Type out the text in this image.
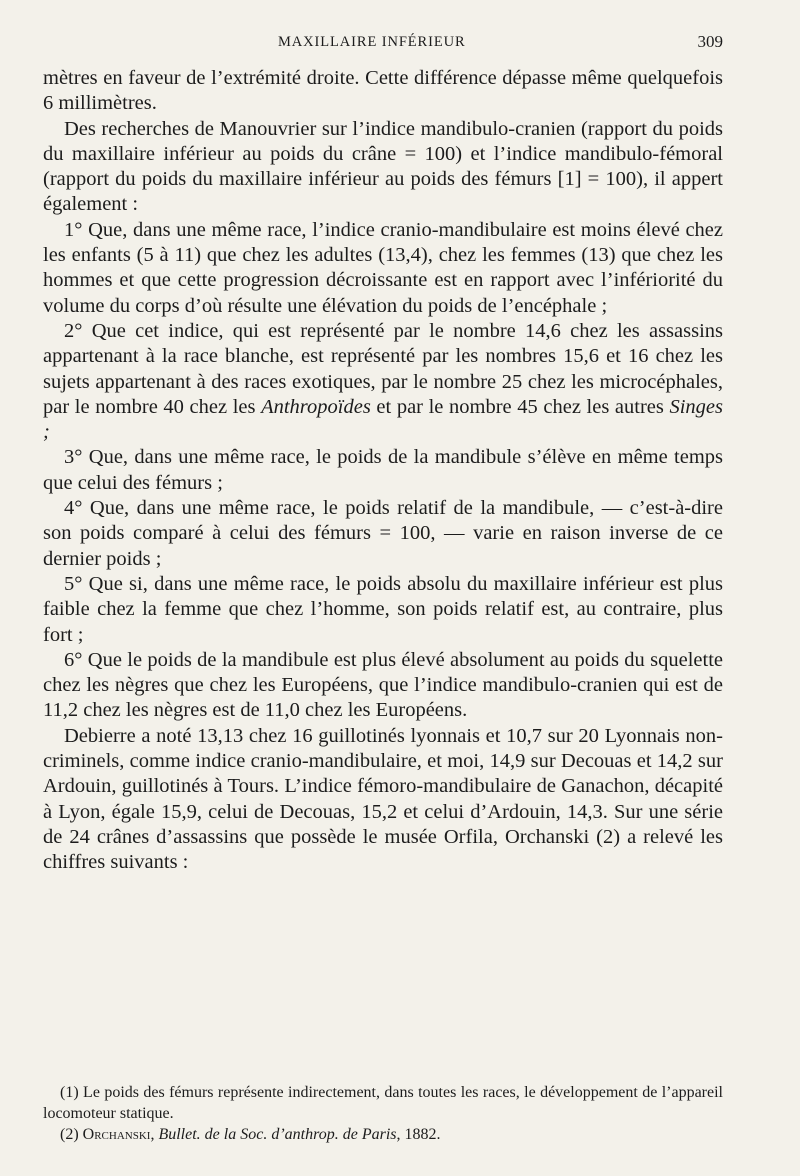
MAXILLAIRE INFÉRIEUR	309

mètres en faveur de l’extrémité droite. Cette différence dépasse même quelquefois 6 millimètres.

Des recherches de Manouvrier sur l’indice mandibulo-cranien (rapport du poids du maxillaire inférieur au poids du crâne = 100) et l’indice mandibulo-fémoral (rapport du poids du maxillaire inférieur au poids des fémurs [1] = 100), il appert également :

1° Que, dans une même race, l’indice cranio-mandibulaire est moins élevé chez les enfants (5 à 11) que chez les adultes (13,4), chez les femmes (13) que chez les hommes et que cette progression décroissante est en rapport avec l’infériorité du volume du corps d’où résulte une élévation du poids de l’encéphale ;

2° Que cet indice, qui est représenté par le nombre 14,6 chez les assassins appartenant à la race blanche, est représenté par les nombres 15,6 et 16 chez les sujets appartenant à des races exotiques, par le nombre 25 chez les microcéphales, par le nombre 40 chez les Anthropoïdes et par le nombre 45 chez les autres Singes ;

3° Que, dans une même race, le poids de la mandibule s’élève en même temps que celui des fémurs ;

4° Que, dans une même race, le poids relatif de la mandibule, — c’est-à-dire son poids comparé à celui des fémurs = 100, — varie en raison inverse de ce dernier poids ;

5° Que si, dans une même race, le poids absolu du maxillaire inférieur est plus faible chez la femme que chez l’homme, son poids relatif est, au contraire, plus fort ;

6° Que le poids de la mandibule est plus élevé absolument au poids du squelette chez les nègres que chez les Européens, que l’indice mandibulo-cranien qui est de 11,2 chez les nègres est de 11,0 chez les Européens.

Debierre a noté 13,13 chez 16 guillotinés lyonnais et 10,7 sur 20 Lyonnais non-criminels, comme indice cranio-mandibulaire, et moi, 14,9 sur Decouas et 14,2 sur Ardouin, guillotinés à Tours. L’indice fémoro-mandibulaire de Ganachon, décapité à Lyon, égale 15,9, celui de Decouas, 15,2 et celui d’Ardouin, 14,3. Sur une série de 24 crânes d’assassins que possède le musée Orfila, Orchanski (2) a relevé les chiffres suivants :

(1) Le poids des fémurs représente indirectement, dans toutes les races, le développement de l’appareil locomoteur statique.

(2) Orchanski, Bullet. de la Soc. d’anthrop. de Paris, 1882.
